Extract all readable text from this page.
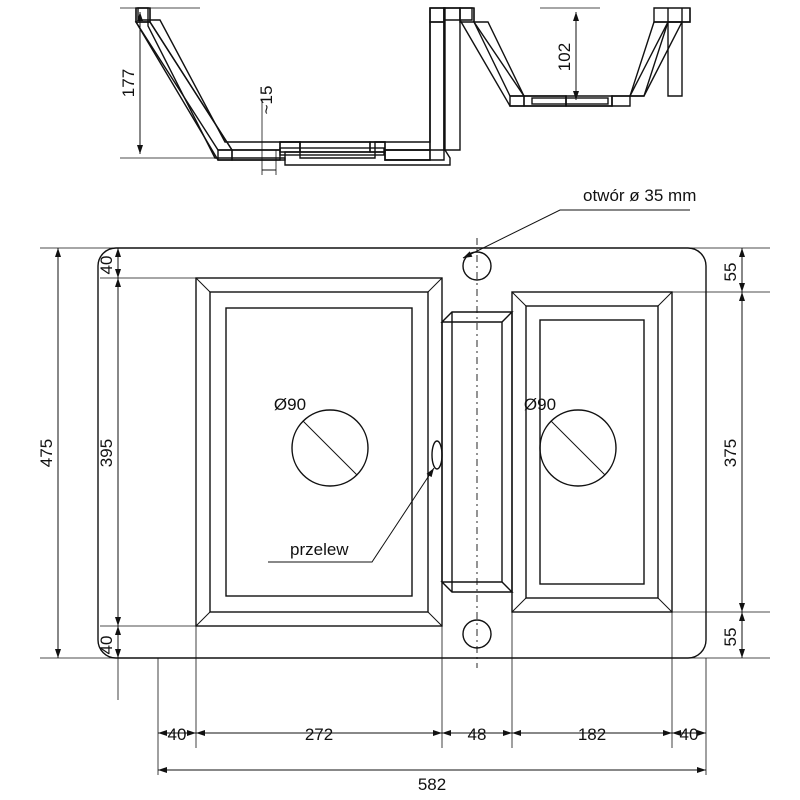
177
102
~15
40	272	48	182	40
582
475 395
40
40
55
375
55
Ø90	Ø90
otwór ø 35 mm
przelew
